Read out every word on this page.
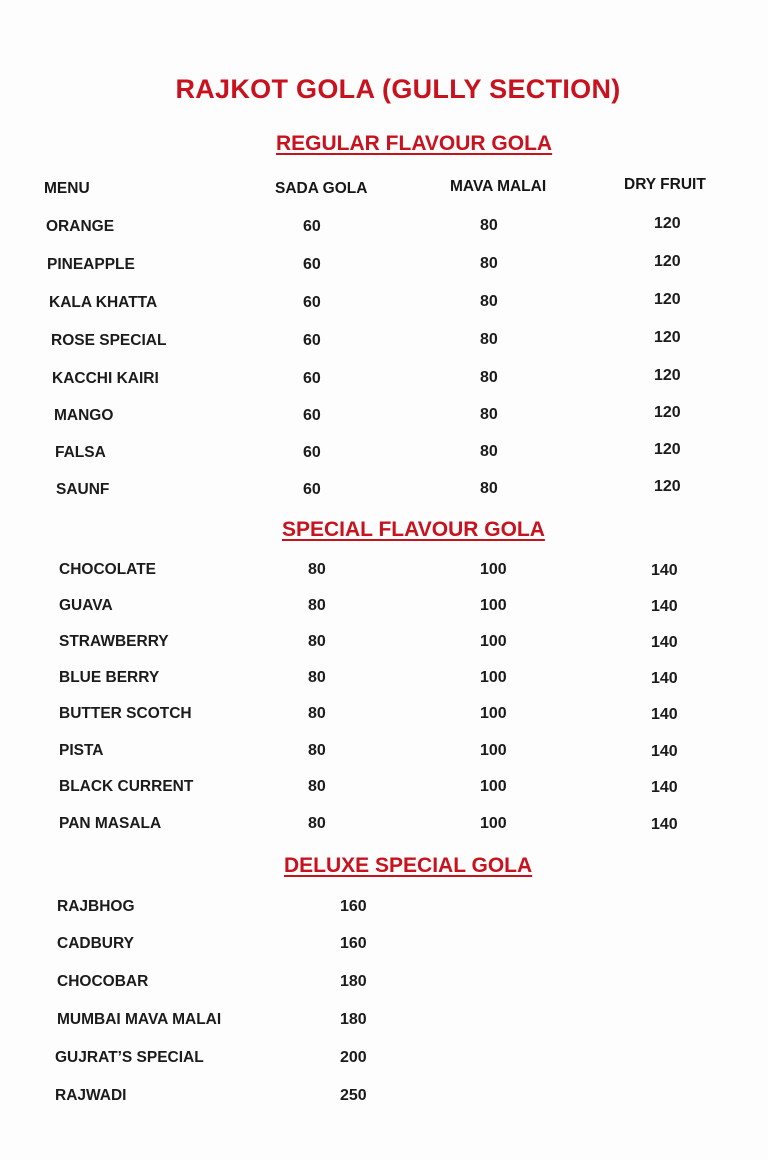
RAJKOT GOLA (GULLY SECTION)
REGULAR FLAVOUR GOLA
MENU	SADA GOLA	MAVA MALAI	DRY FRUIT
SPECIAL FLAVOUR GOLA
DELUXE SPECIAL GOLA
ORANGE	60	80	120
PINEAPPLE	60	80	120
KALA KHATTA	60	80	120
ROSE SPECIAL	60	80	120
KACCHI KAIRI	60	80	120
MANGO	60	80	120
FALSA	60	80	120
SAUNF	60	80	120
CHOCOLATE	80	100	140
GUAVA	80	100	140
STRAWBERRY	80	100	140
BLUE BERRY	80	100	140
BUTTER SCOTCH	80	100	140
PISTA	80	100	140
BLACK CURRENT	80	100	140
PAN MASALA	80	100	140
RAJBHOG	160
CADBURY	160
CHOCOBAR	180
MUMBAI MAVA MALAI	180
GUJRAT’S SPECIAL	200
RAJWADI	250
